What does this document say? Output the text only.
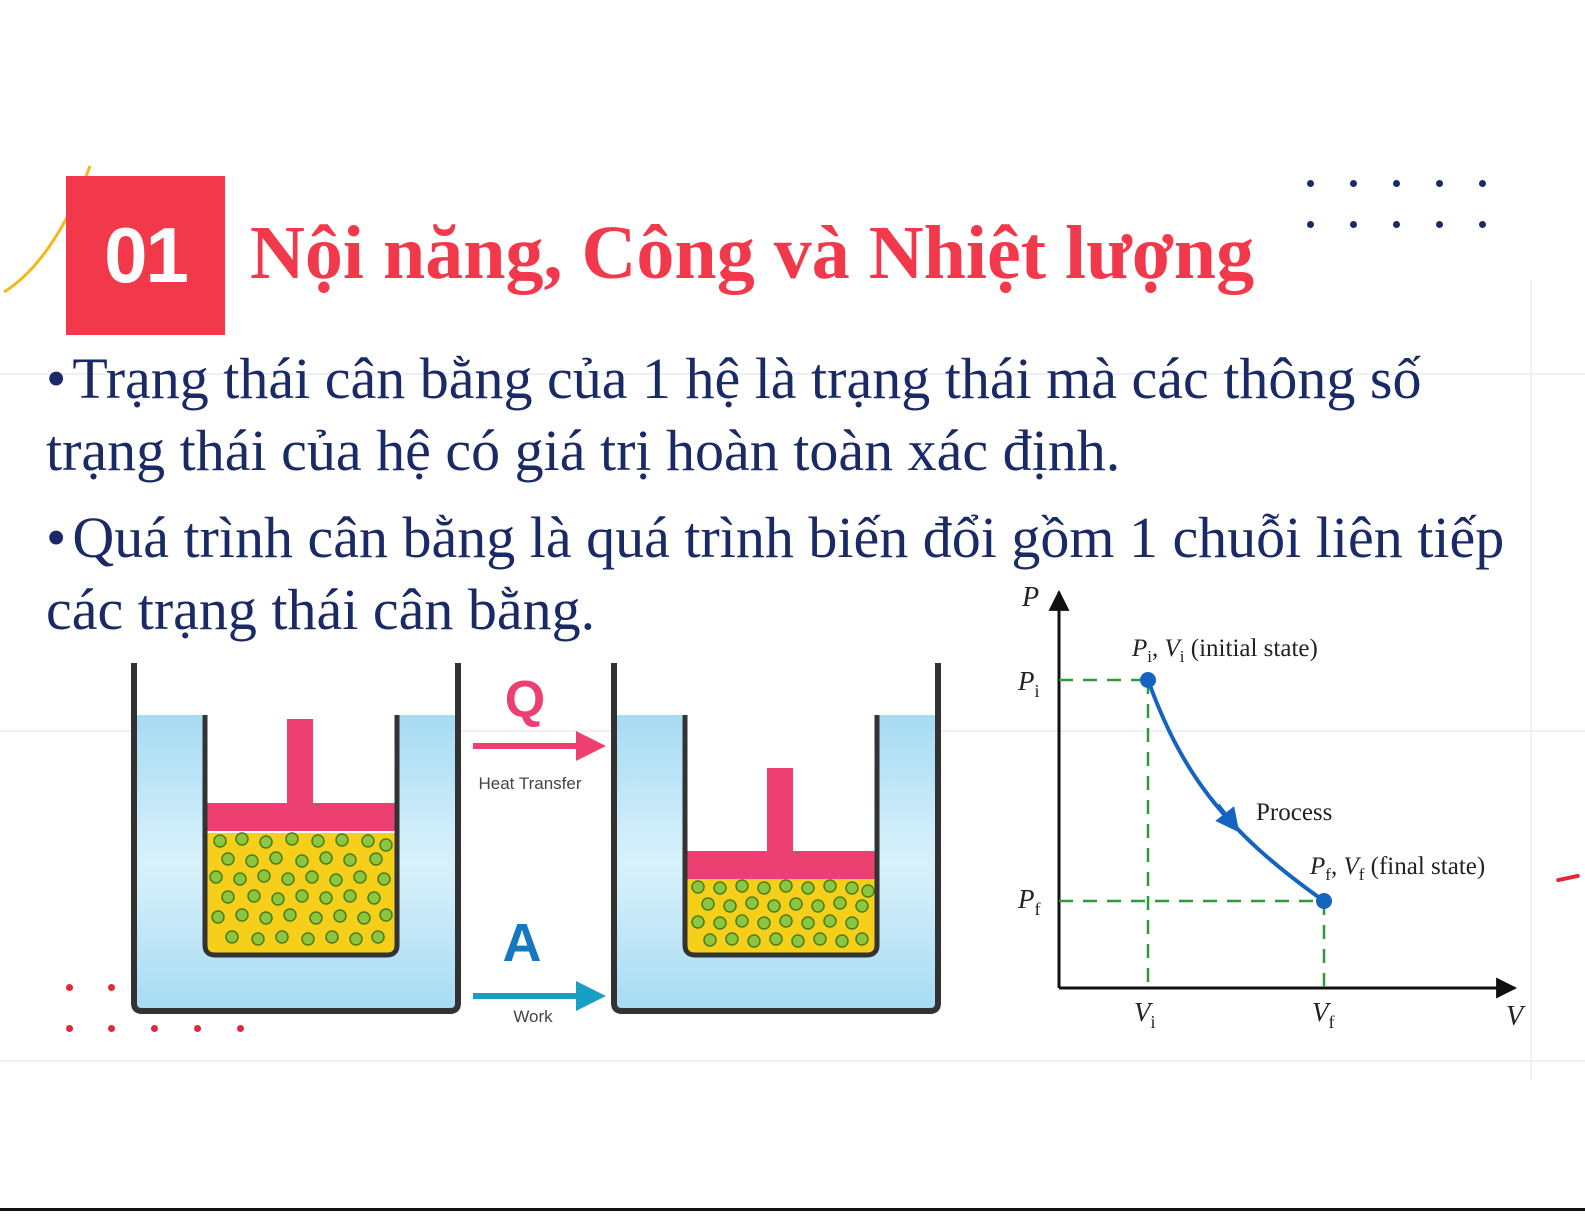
01 Nội năng, Công và Nhiệt lượng

• Trạng thái cân bằng của 1 hệ là trạng thái mà các thông số trạng thái của hệ có giá trị hoàn toàn xác định.

• Quá trình cân bằng là quá trình biến đổi gồm 1 chuỗi liên tiếp các trạng thái cân bằng.

Q
Heat Transfer
A
Work
P
V
$P_i$
$P_f$
$V_i$	$V_f$
$P_i$, $V_i$ (initial state)
Process
$P_f$, $V_f$ (final state)
